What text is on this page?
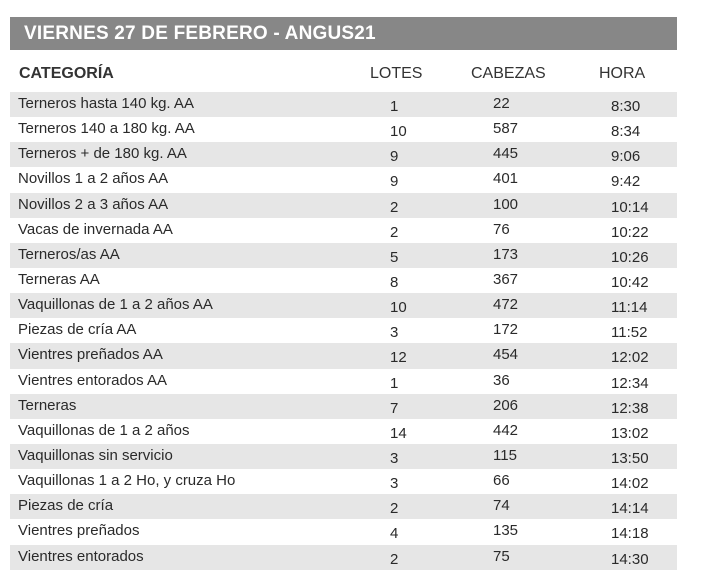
VIERNES 27 DE FEBRERO - ANGUS21
CATEGORÍA	LOTES	CABEZAS	HORA
Terneros hasta 140 kg. AA	1	22	8:30
Terneros 140 a 180 kg. AA	10	587	8:34
Terneros + de 180 kg. AA	9	445	9:06
Novillos 1 a 2 años AA	9	401	9:42
Novillos 2 a 3 años AA	2	100	10:14
Vacas de invernada AA	2	76	10:22
Terneros/as AA	5	173	10:26
Terneras AA	8	367	10:42
Vaquillonas de 1 a 2 años AA	10	472	11:14
Piezas de cría AA	3	172	11:52
Vientres preñados AA	12	454	12:02
Vientres entorados AA	1	36	12:34
Terneras	7	206	12:38
Vaquillonas de 1 a 2 años	14	442	13:02
Vaquillonas sin servicio	3	115	13:50
Vaquillonas 1 a 2 Ho, y cruza Ho	3	66	14:02
Piezas de cría	2	74	14:14
Vientres preñados	4	135	14:18
Vientres entorados	2	75	14:30
